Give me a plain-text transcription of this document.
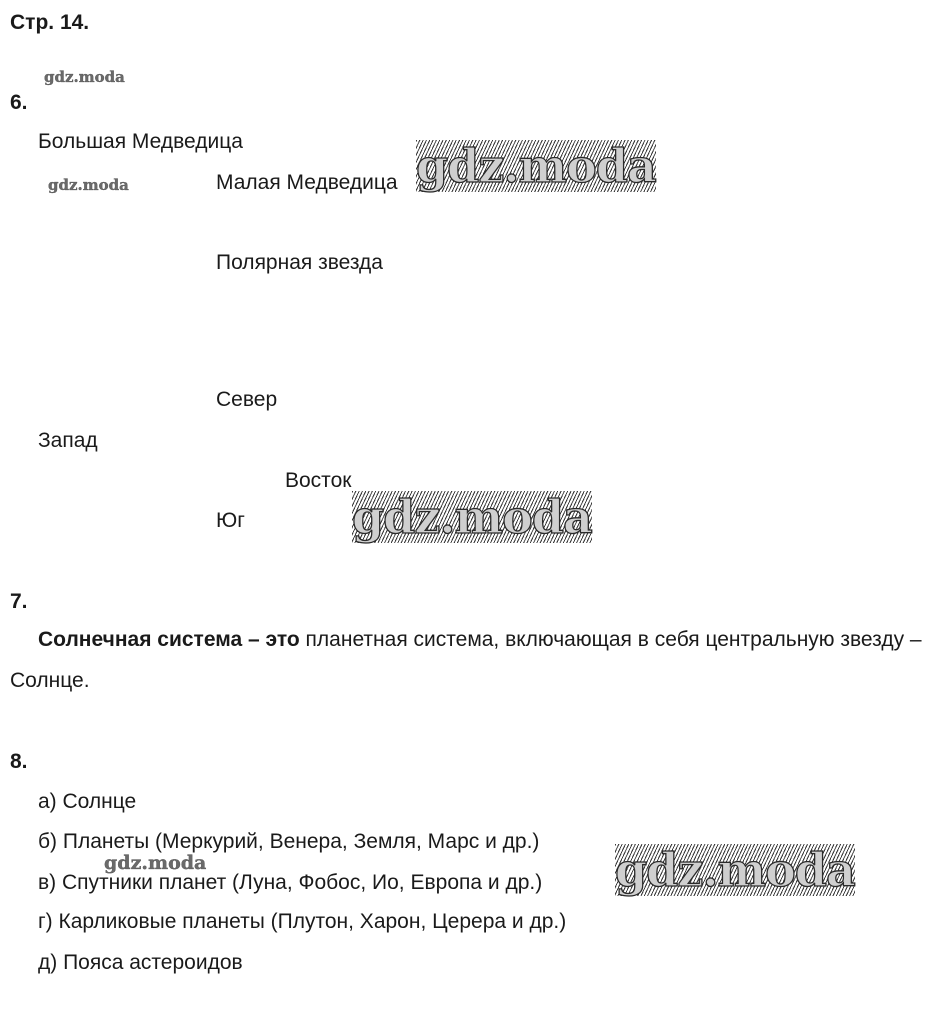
Стр. 14.
6.
Большая Медведица
Малая Медведица
Полярная звезда
Север
Запад
Восток
Юг
7.
Солнечная система – это планетная система, включающая в себя центральную звезду – Солнце.
8.
а) Солнце
б) Планеты (Меркурий, Венера, Земля, Марс и др.)
в) Спутники планет (Луна, Фобос, Ио, Европа и др.)
г) Карликовые планеты (Плутон, Харон, Церера и др.)
д) Пояса астероидов
gdz.moda
gdz.moda	gdz.moda
gdz.moda
gdz.moda	gdz.moda
